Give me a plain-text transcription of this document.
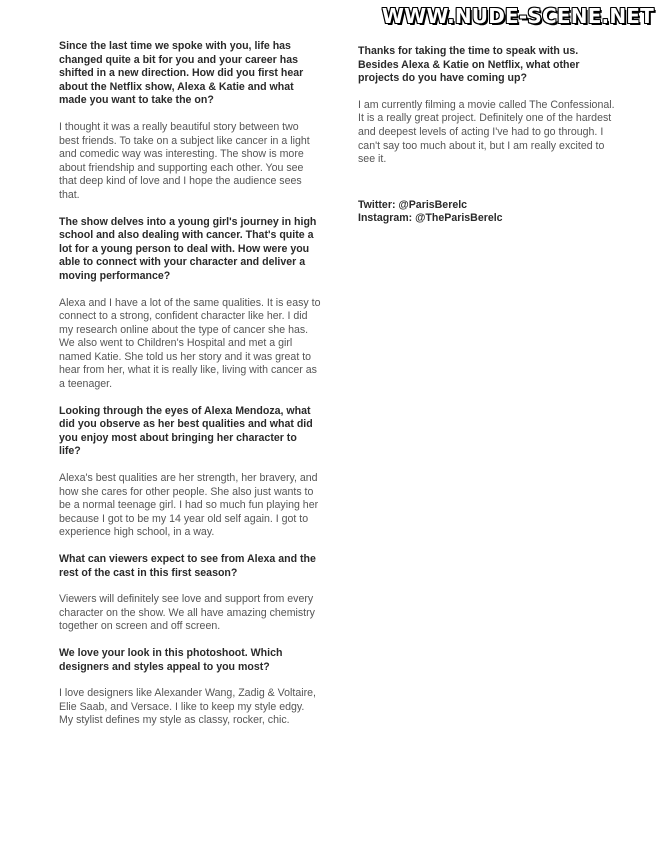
WWW.NUDE-SCENE.NET

Since the last time we spoke with you, life has changed quite a bit for you and your career has shifted in a new direction. How did you first hear about the Netflix show, Alexa & Katie and what made you want to take the on?

I thought it was a really beautiful story between two best friends. To take on a subject like cancer in a light and comedic way was interesting. The show is more about friendship and supporting each other. You see that deep kind of love and I hope the audience sees that.

The show delves into a young girl's journey in high school and also dealing with cancer. That's quite a lot for a young person to deal with. How were you able to connect with your character and deliver a moving performance?

Alexa and I have a lot of the same qualities. It is easy to connect to a strong, confident character like her. I did my research online about the type of cancer she has. We also went to Children's Hospital and met a girl named Katie. She told us her story and it was great to hear from her, what it is really like, living with cancer as a teenager.

Looking through the eyes of Alexa Mendoza, what did you observe as her best qualities and what did you enjoy most about bringing her character to life?

Alexa's best qualities are her strength, her bravery, and how she cares for other people. She also just wants to be a normal teenage girl. I had so much fun playing her because I got to be my 14 year old self again. I got to experience high school, in a way.

What can viewers expect to see from Alexa and the rest of the cast in this first season?

Viewers will definitely see love and support from every character on the show. We all have amazing chemistry together on screen and off screen.

We love your look in this photoshoot. Which designers and styles appeal to you most?

I love designers like Alexander Wang, Zadig & Voltaire, Elie Saab, and Versace. I like to keep my style edgy. My stylist defines my style as classy, rocker, chic.

Thanks for taking the time to speak with us. Besides Alexa & Katie on Netflix, what other projects do you have coming up?

I am currently filming a movie called The Confessional. It is a really great project. Definitely one of the hardest and deepest levels of acting I've had to go through. I can't say too much about it, but I am really excited to see it.

Twitter: @ParisBerelc

Instagram: @TheParisBerelc
